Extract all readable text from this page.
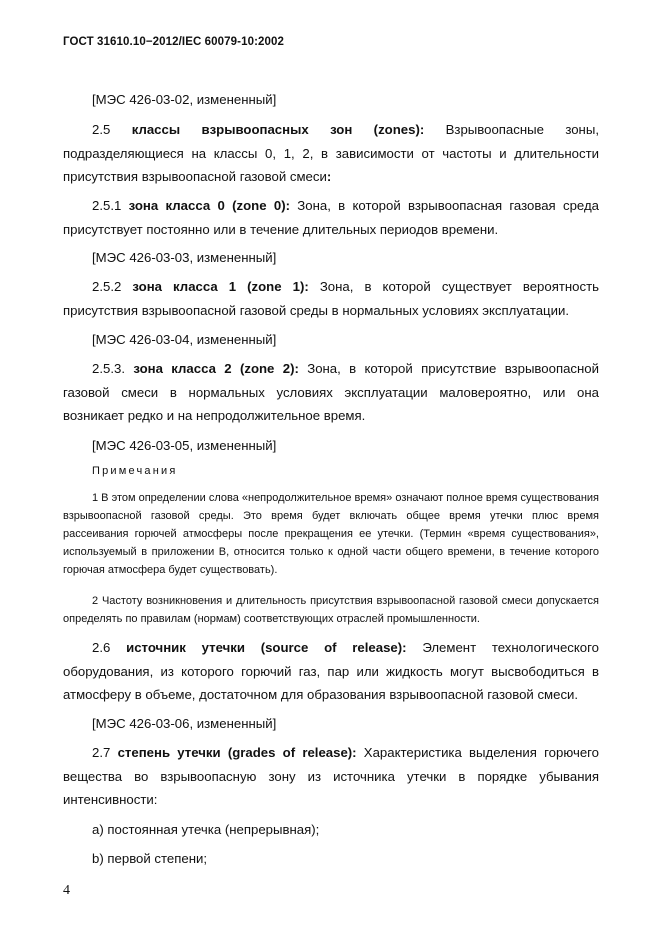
ГОСТ 31610.10−2012/IEC 60079-10:2002
[МЭС 426-03-02, измененный]
2.5 классы взрывоопасных зон (zones): Взрывоопасные зоны, подразделяющиеся на классы 0, 1, 2, в зависимости от частоты и длительности присутствия взрывоопасной газовой смеси:
2.5.1 зона класса 0 (zone 0): Зона, в которой взрывоопасная газовая среда присутствует постоянно или в течение длительных периодов времени.
[МЭС 426-03-03, измененный]
2.5.2 зона класса 1 (zone 1): Зона, в которой существует вероятность присутствия взрывоопасной газовой среды в нормальных условиях эксплуатации.
[МЭС 426-03-04, измененный]
2.5.3. зона класса 2 (zone 2): Зона, в которой присутствие взрывоопасной газовой смеси в нормальных условиях эксплуатации маловероятно, или она возникает редко и на непродолжительное время.
[МЭС 426-03-05, измененный]
Примечания
1 В этом определении слова «непродолжительное время» означают полное время существования взрывоопасной газовой среды. Это время будет включать общее время утечки плюс время рассеивания горючей атмосферы после прекращения ее утечки. (Термин «время существования», используемый в приложении B, относится только к одной части общего времени, в течение которого горючая атмосфера будет существовать).
2 Частоту возникновения и длительность присутствия взрывоопасной газовой смеси допускается определять по правилам (нормам) соответствующих отраслей промышленности.
2.6 источник утечки (source of release): Элемент технологического оборудования, из которого горючий газ, пар или жидкость могут высвободиться в атмосферу в объеме, достаточном для образования взрывоопасной газовой смеси.
[МЭС 426-03-06, измененный]
2.7 степень утечки (grades of release): Характеристика выделения горючего вещества во взрывоопасную зону из источника утечки в порядке убывания интенсивности:
a) постоянная утечка (непрерывная);
b) первой степени;
4
